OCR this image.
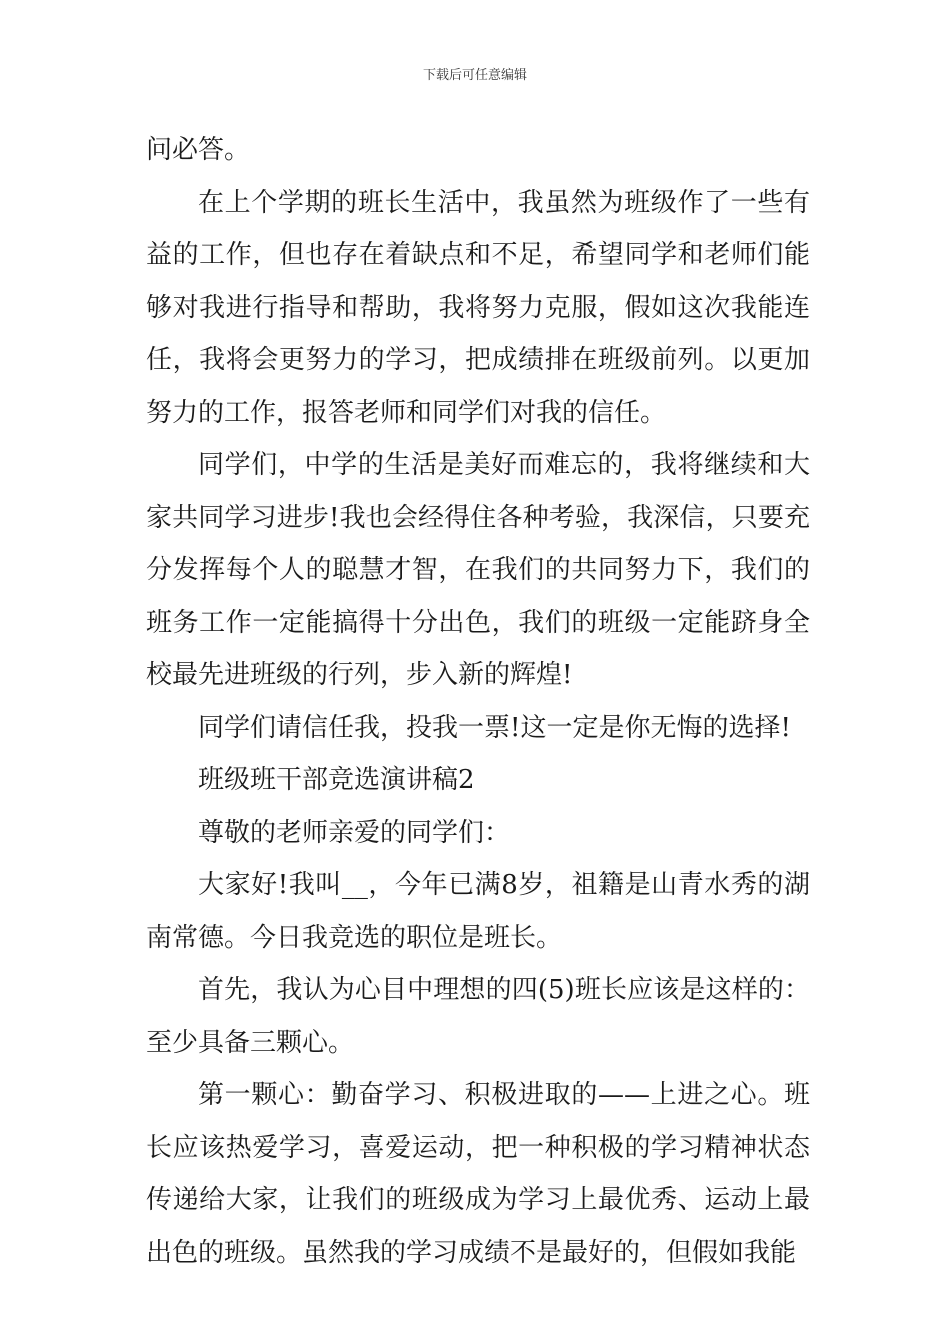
下载后可任意编辑

问必答。

在上个学期的班长生活中，我虽然为班级作了一些有益的工作，但也存在着缺点和不足，希望同学和老师们能够对我进行指导和帮助，我将努力克服，假如这次我能连任，我将会更努力的学习，把成绩排在班级前列。以更加努力的工作，报答老师和同学们对我的信任。

同学们，中学的生活是美好而难忘的，我将继续和大家共同学习进步!我也会经得住各种考验，我深信，只要充分发挥每个人的聪慧才智，在我们的共同努力下，我们的班务工作一定能搞得十分出色，我们的班级一定能跻身全校最先进班级的行列，步入新的辉煌!

同学们请信任我，投我一票!这一定是你无悔的选择!

班级班干部竞选演讲稿2

尊敬的老师亲爱的同学们：

大家好!我叫__，今年已满8岁，祖籍是山青水秀的湖南常德。今日我竞选的职位是班长。

首先，我认为心目中理想的四(5)班长应该是这样的：至少具备三颗心。

第一颗心：勤奋学习、积极进取的——上进之心。班长应该热爱学习，喜爱运动，把一种积极的学习精神状态传递给大家，让我们的班级成为学习上最优秀、运动上最出色的班级。虽然我的学习成绩不是最好的，但假如我能
